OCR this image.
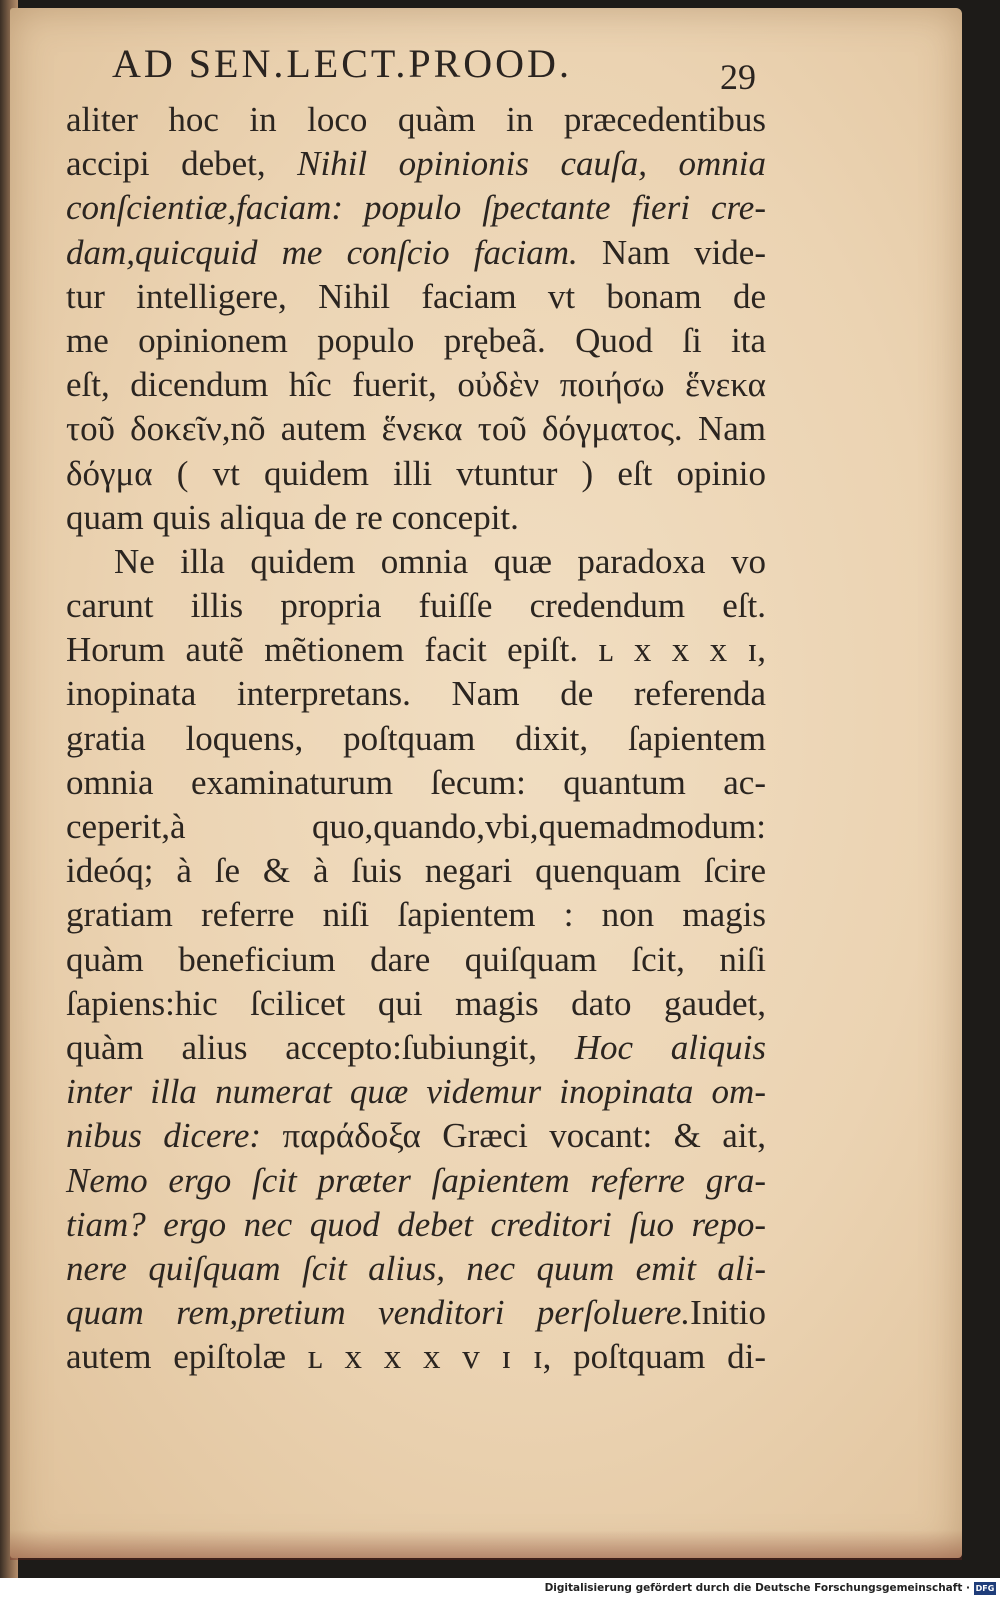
AD SEN.LECT.PROOD.	29
aliter hoc in loco quàm in præcedentibus
accipi debet, Nihil opinionis cauſa, omnia
conſcientiæ,faciam: populo ſpectante fieri cre-
dam,quicquid me conſcio faciam. Nam vide-
tur intelligere, Nihil faciam vt bonam de
me opinionem populo prębeã. Quod ſi ita
eſt, dicendum hîc fuerit, οὐδὲν ποιήσω ἕνεκα
τοῦ δοκεῖν,nõ autem ἕνεκα τοῦ δόγματος. Nam
δόγμα ( vt quidem illi vtuntur ) eſt opinio
quam quis aliqua de re concepit.
Ne illa quidem omnia quæ paradoxa vo
carunt illis propria fuiſſe credendum eſt.
Horum autẽ mẽtionem facit epiſt. ʟ x x x ɪ,
inopinata interpretans. Nam de referenda
gratia loquens, poſtquam dixit, ſapientem
omnia examinaturum ſecum: quantum ac-
ceperit,à quo,quando,vbi,quemadmodum:
ideóq; à ſe & à ſuis negari quenquam ſcire
gratiam referre niſi ſapientem : non magis
quàm beneficium dare quiſquam ſcit, niſi
ſapiens:hic ſcilicet qui magis dato gaudet,
quàm alius accepto:ſubiungit, Hoc aliquis
inter illa numerat quæ videmur inopinata om-
nibus dicere: παράδοξα Græci vocant: & ait,
Nemo ergo ſcit præter ſapientem referre gra-
tiam? ergo nec quod debet creditori ſuo repo-
nere quiſquam ſcit alius, nec quum emit ali-
quam rem,pretium venditori perſoluere.Initio
autem epiſtolæ ʟ x x x v ɪ ɪ, poſtquam di-
Digitalisierung gefördert durch die Deutsche Forschungsgemeinschaft · DFG
